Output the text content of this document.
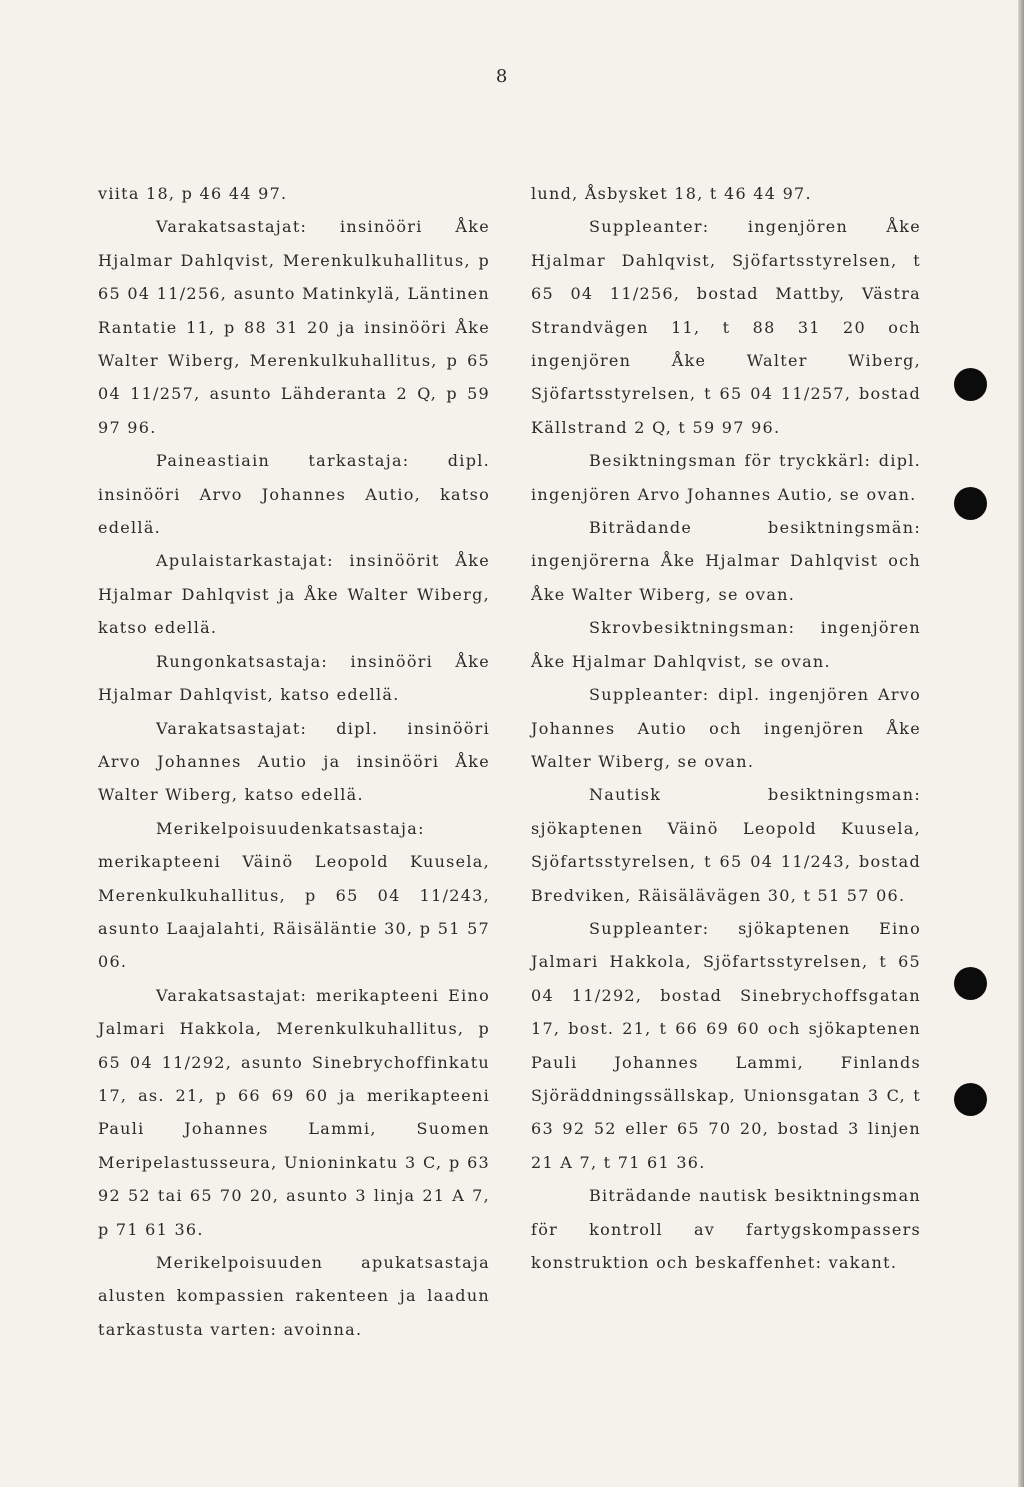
8

viita 18, p 46 44 97.

Varakatsastajat: insinööri Åke Hjalmar Dahlqvist, Merenkulkuhallitus, p 65 04 11/256, asunto Matinkylä, Läntinen Rantatie 11, p 88 31 20 ja insinööri Åke Walter Wiberg, Merenkulkuhallitus, p 65 04 11/257, asunto Lähderanta 2 Q, p 59 97 96.

Paineastiain tarkastaja: dipl. insinööri Arvo Johannes Autio, katso edellä.

Apulaistarkastajat: insinöörit Åke Hjalmar Dahlqvist ja Åke Walter Wiberg, katso edellä.

Rungonkatsastaja: insinööri Åke Hjalmar Dahlqvist, katso edellä.

Varakatsastajat: dipl. insinööri Arvo Johannes Autio ja insinööri Åke Walter Wiberg, katso edellä.

Merikelpoisuudenkatsastaja: merikapteeni Väinö Leopold Kuusela, Merenkulkuhallitus, p 65 04 11/243, asunto Laajalahti, Räisäläntie 30, p 51 57 06.

Varakatsastajat: merikapteeni Eino Jalmari Hakkola, Merenkulkuhallitus, p 65 04 11/292, asunto Sinebrychoffinkatu 17, as. 21, p 66 69 60 ja merikapteeni Pauli Johannes Lammi, Suomen Meripelastusseura, Unioninkatu 3 C, p 63 92 52 tai 65 70 20, asunto 3 linja 21 A 7, p 71 61 36.

Merikelpoisuuden apukatsastaja alusten kompassien rakenteen ja laadun tarkastusta varten: avoinna.

lund, Åsbysket 18, t 46 44 97.

Suppleanter: ingenjören Åke Hjalmar Dahlqvist, Sjöfartsstyrelsen, t 65 04 11/256, bostad Mattby, Västra Strandvägen 11, t 88 31 20 och ingenjören Åke Walter Wiberg, Sjöfartsstyrelsen, t 65 04 11/257, bostad Källstrand 2 Q, t 59 97 96.

Besiktningsman för tryckkärl: dipl. ingenjören Arvo Johannes Autio, se ovan.

Biträdande besiktningsmän: ingenjörerna Åke Hjalmar Dahlqvist och Åke Walter Wiberg, se ovan.

Skrovbesiktningsman: ingenjören Åke Hjalmar Dahlqvist, se ovan.

Suppleanter: dipl. ingenjören Arvo Johannes Autio och ingenjören Åke Walter Wiberg, se ovan.

Nautisk besiktningsman: sjökaptenen Väinö Leopold Kuusela, Sjöfartsstyrelsen, t 65 04 11/243, bostad Bredviken, Räisälävägen 30, t 51 57 06.

Suppleanter: sjökaptenen Eino Jalmari Hakkola, Sjöfartsstyrelsen, t 65 04 11/292, bostad Sinebrychoffsgatan 17, bost. 21, t 66 69 60 och sjökaptenen Pauli Johannes Lammi, Finlands Sjöräddningssällskap, Unionsgatan 3 C, t 63 92 52 eller 65 70 20, bostad 3 linjen 21 A 7, t 71 61 36.

Biträdande nautisk besiktningsman för kontroll av fartygskompassers konstruktion och beskaffenhet: vakant.
